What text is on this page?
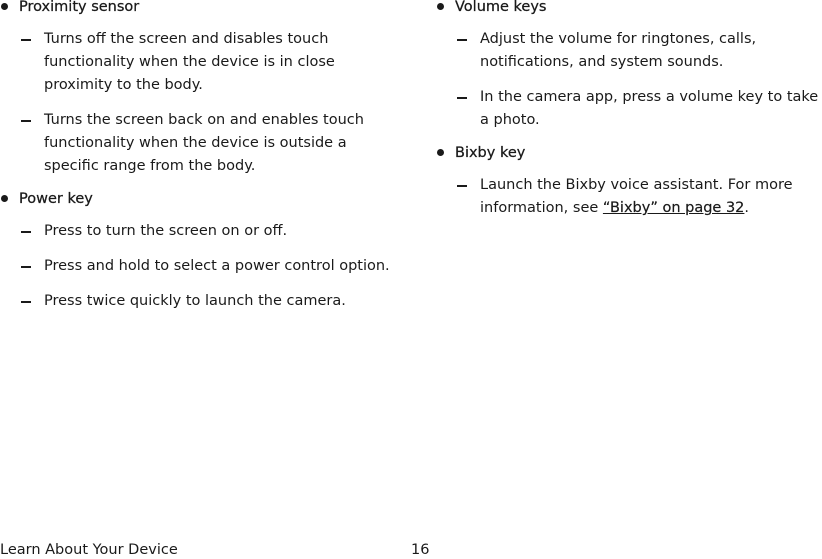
Proximity sensor

Turns off the screen and disables touch functionality when the device is in close proximity to the body.
Turns the screen back on and enables touch functionality when the device is outside a specific range from the body.

Power key

Press to turn the screen on or off.
Press and hold to select a power control option.
Press twice quickly to launch the camera.

Volume keys

Adjust the volume for ringtones, calls, notifications, and system sounds.
In the camera app, press a volume key to take a photo.

Bixby key

Launch the Bixby voice assistant. For more information, see “Bixby” on page 32.
Learn About Your Device	16
